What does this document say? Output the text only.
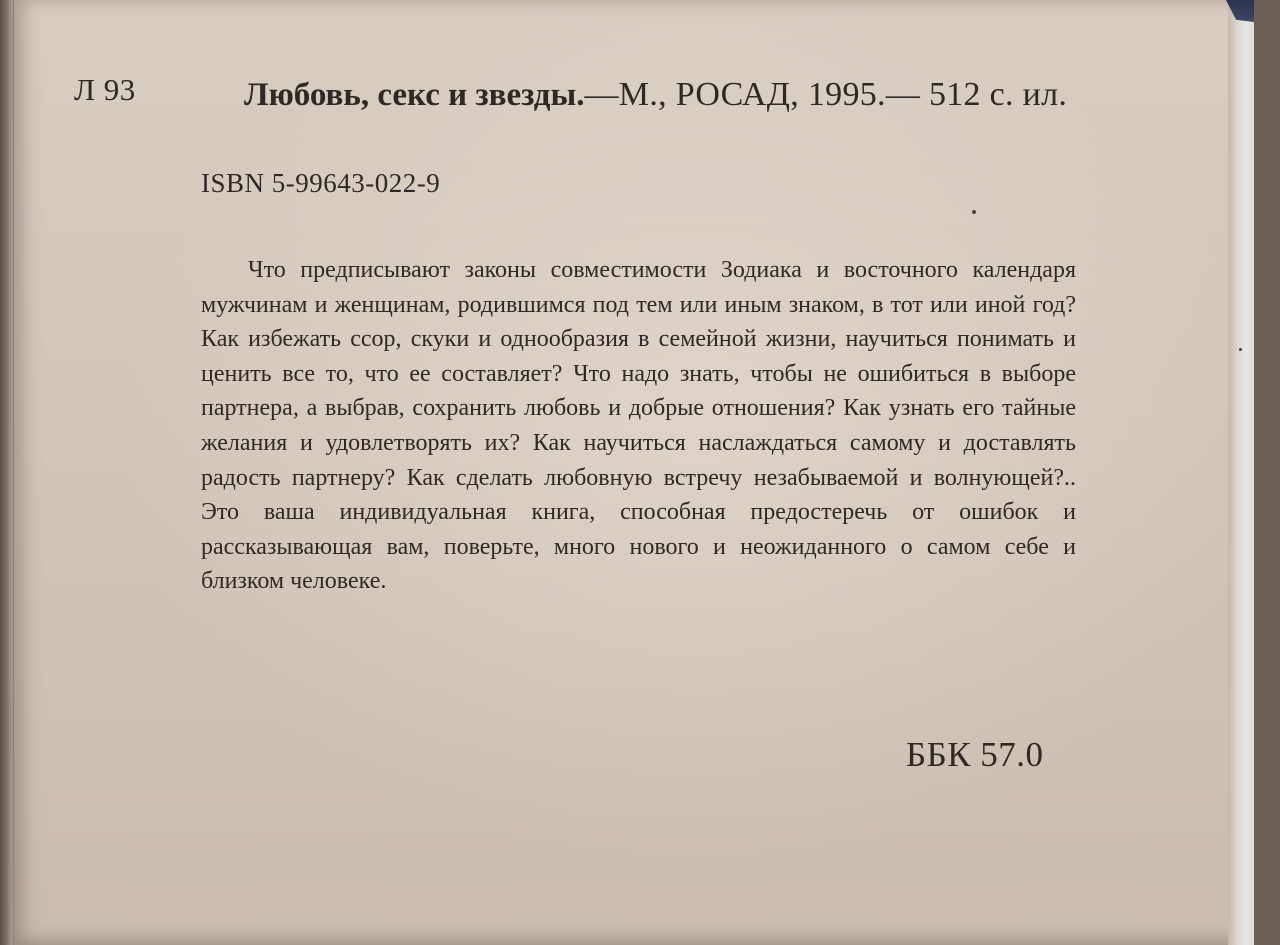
Л 93	Любовь, секс и звезды.—М., РОСАД, 1995.— 512 с. ил.
ISBN 5-99643-022-9
Что предписывают законы совместимости Зодиака и восточного календаря мужчинам и женщинам, родившимся под тем или иным знаком, в тот или иной год? Как избежать ссор, скуки и однообразия в семейной жизни, научиться понимать и ценить все то, что ее составляет? Что надо знать, чтобы не ошибиться в выборе партнера, а выбрав, сохранить любовь и добрые отношения? Как узнать его тайные желания и удовлетворять их? Как научиться наслаждаться самому и доставлять радость партнеру? Как сделать любовную встречу незабываемой и волнующей?.. Это ваша индивидуальная книга, способная предостеречь от ошибок и рассказывающая вам, поверьте, много нового и неожиданного о самом себе и близком человеке.
ББК 57.0
